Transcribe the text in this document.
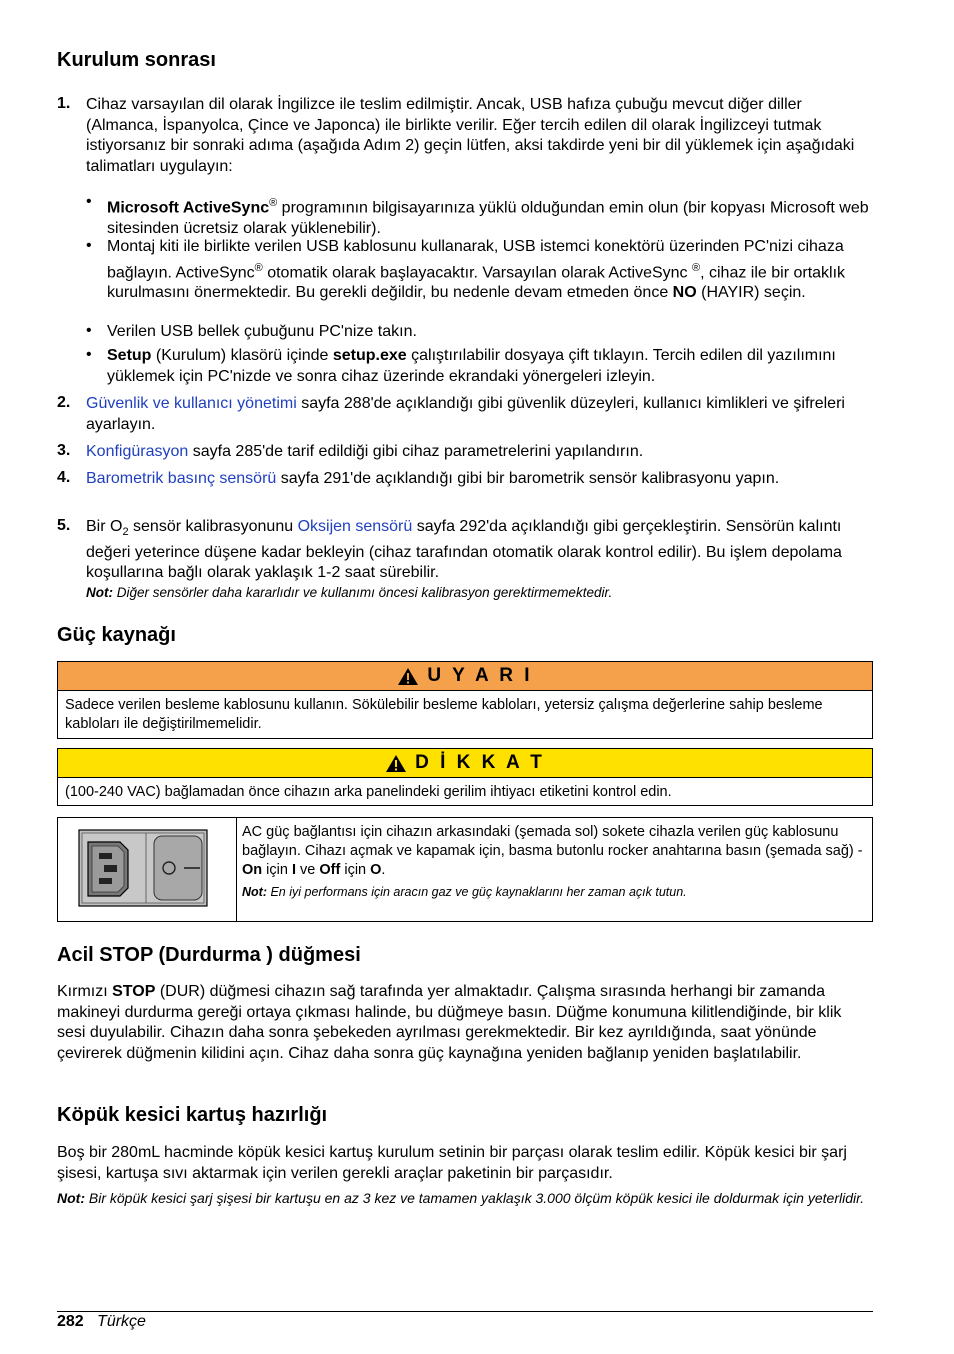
Kurulum sonrası
1. Cihaz varsayılan dil olarak İngilizce ile teslim edilmiştir. Ancak, USB hafıza çubuğu mevcut diğer diller (Almanca, İspanyolca, Çince ve Japonca) ile birlikte verilir. Eğer tercih edilen dil olarak İngilizceyi tutmak istiyorsanız bir sonraki adıma (aşağıda Adım 2) geçin lütfen, aksi takdirde yeni bir dil yüklemek için aşağıdaki talimatları uygulayın:
• Microsoft ActiveSync® programının bilgisayarınıza yüklü olduğundan emin olun (bir kopyası Microsoft web sitesinden ücretsiz olarak yüklenebilir).
• Montaj kiti ile birlikte verilen USB kablosunu kullanarak, USB istemci konektörü üzerinden PC'nizi cihaza bağlayın. ActiveSync® otomatik olarak başlayacaktır. Varsayılan olarak ActiveSync ®, cihaz ile bir ortaklık kurulmasını önermektedir. Bu gerekli değildir, bu nedenle devam etmeden önce NO (HAYIR) seçin.
• Verilen USB bellek çubuğunu PC'nize takın.
• Setup (Kurulum) klasörü içinde setup.exe çalıştırılabilir dosyaya çift tıklayın. Tercih edilen dil yazılımını yüklemek için PC'nizde ve sonra cihaz üzerinde ekrandaki yönergeleri izleyin.
2. Güvenlik ve kullanıcı yönetimi sayfa 288'de açıklandığı gibi güvenlik düzeyleri, kullanıcı kimlikleri ve şifreleri ayarlayın.
3. Konfigürasyon sayfa 285'de tarif edildiği gibi cihaz parametrelerini yapılandırın.
4. Barometrik basınç sensörü sayfa 291'de açıklandığı gibi bir barometrik sensör kalibrasyonu yapın.
5. Bir $O_2$ sensör kalibrasyonunu Oksijen sensörü sayfa 292'da açıklandığı gibi gerçekleştirin. Sensörün kalıntı değeri yeterince düşene kadar bekleyin (cihaz tarafından otomatik olarak kontrol edilir). Bu işlem depolama koşullarına bağlı olarak yaklaşık 1-2 saat sürebilir.
Not: Diğer sensörler daha kararlıdır ve kullanımı öncesi kalibrasyon gerektirmemektedir.
Güç kaynağı
U Y A R I
Sadece verilen besleme kablosunu kullanın. Sökülebilir besleme kabloları, yetersiz çalışma değerlerine sahip besleme kabloları ile değiştirilmemelidir.
D İ K K A T
(100-240 VAC) bağlamadan önce cihazın arka panelindeki gerilim ihtiyacı etiketini kontrol edin.
AC güç bağlantısı için cihazın arkasındaki (şemada sol) sokete cihazla verilen güç kablosunu bağlayın. Cihazı açmak ve kapamak için, basma butonlu rocker anahtarına basın (şemada sağ) - On için I ve Off için O.
Not: En iyi performans için aracın gaz ve güç kaynaklarını her zaman açık tutun.
Acil STOP (Durdurma ) düğmesi
Kırmızı STOP (DUR) düğmesi cihazın sağ tarafında yer almaktadır. Çalışma sırasında herhangi bir zamanda makineyi durdurma gereği ortaya çıkması halinde, bu düğmeye basın. Düğme konumuna kilitlendiğinde, bir klik sesi duyulabilir. Cihazın daha sonra şebekeden ayrılması gerekmektedir. Bir kez ayrıldığında, saat yönünde çevirerek düğmenin kilidini açın. Cihaz daha sonra güç kaynağına yeniden bağlanıp yeniden başlatılabilir.
Köpük kesici kartuş hazırlığı
Boş bir 280mL hacminde köpük kesici kartuş kurulum setinin bir parçası olarak teslim edilir. Köpük kesici bir şarj şisesi, kartuşa sıvı aktarmak için verilen gerekli araçlar paketinin bir parçasıdır.
Not: Bir köpük kesici şarj şişesi bir kartuşu en az 3 kez ve tamamen yaklaşık 3.000 ölçüm köpük kesici ile doldurmak için yeterlidir.
282 Türkçe
